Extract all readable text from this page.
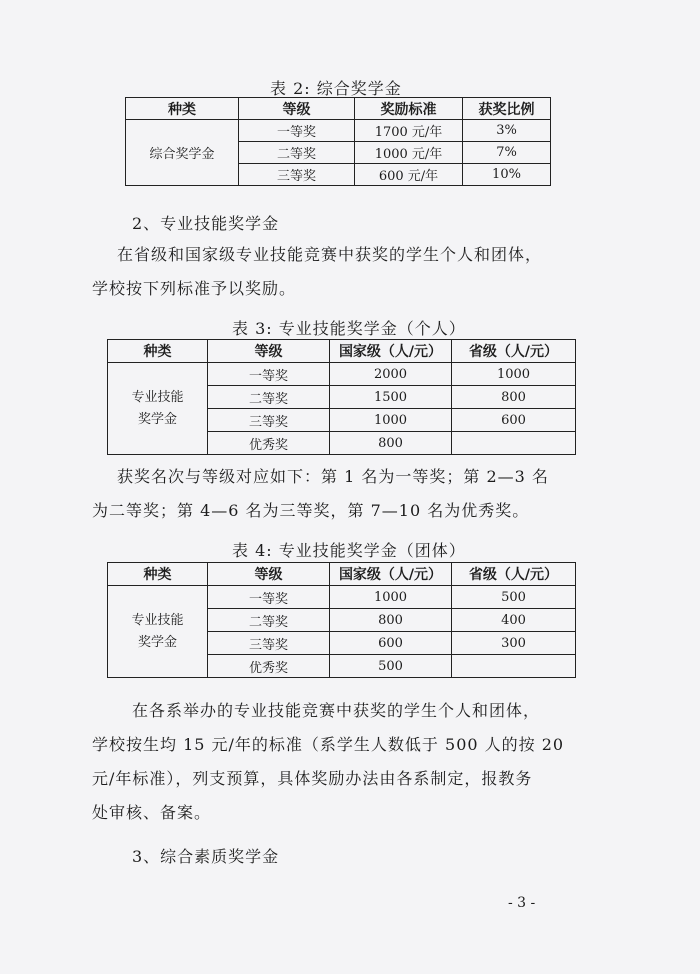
表 2: 综合奖学金
种类	等级	奖励标准	获奖比例
综合奖学金	一等奖	1700 元/年	3%
	二等奖	1000 元/年	7%
	三等奖	600 元/年	10%
2、专业技能奖学金
在省级和国家级专业技能竞赛中获奖的学生个人和团体，
学校按下列标准予以奖励。
表 3: 专业技能奖学金（个人）
种类	等级	国家级（人/元）	省级（人/元）

专业技能
奖学金	一等奖	2000	1000
	二等奖	1500	800
	三等奖	1000	600
	优秀奖	800	
获奖名次与等级对应如下：第 1 名为一等奖；第 2—3 名
为二等奖；第 4—6 名为三等奖，第 7—10 名为优秀奖。
表 4: 专业技能奖学金（团体）
种类	等级	国家级（人/元）	省级（人/元）

专业技能
奖学金	一等奖	1000	500
	二等奖	800	400
	三等奖	600	300
	优秀奖	500	
在各系举办的专业技能竞赛中获奖的学生个人和团体，
学校按生均 15 元/年的标准（系学生人数低于 500 人的按 20
元/年标准），列支预算，具体奖励办法由各系制定，报教务
处审核、备案。
3、综合素质奖学金
- 3 -
